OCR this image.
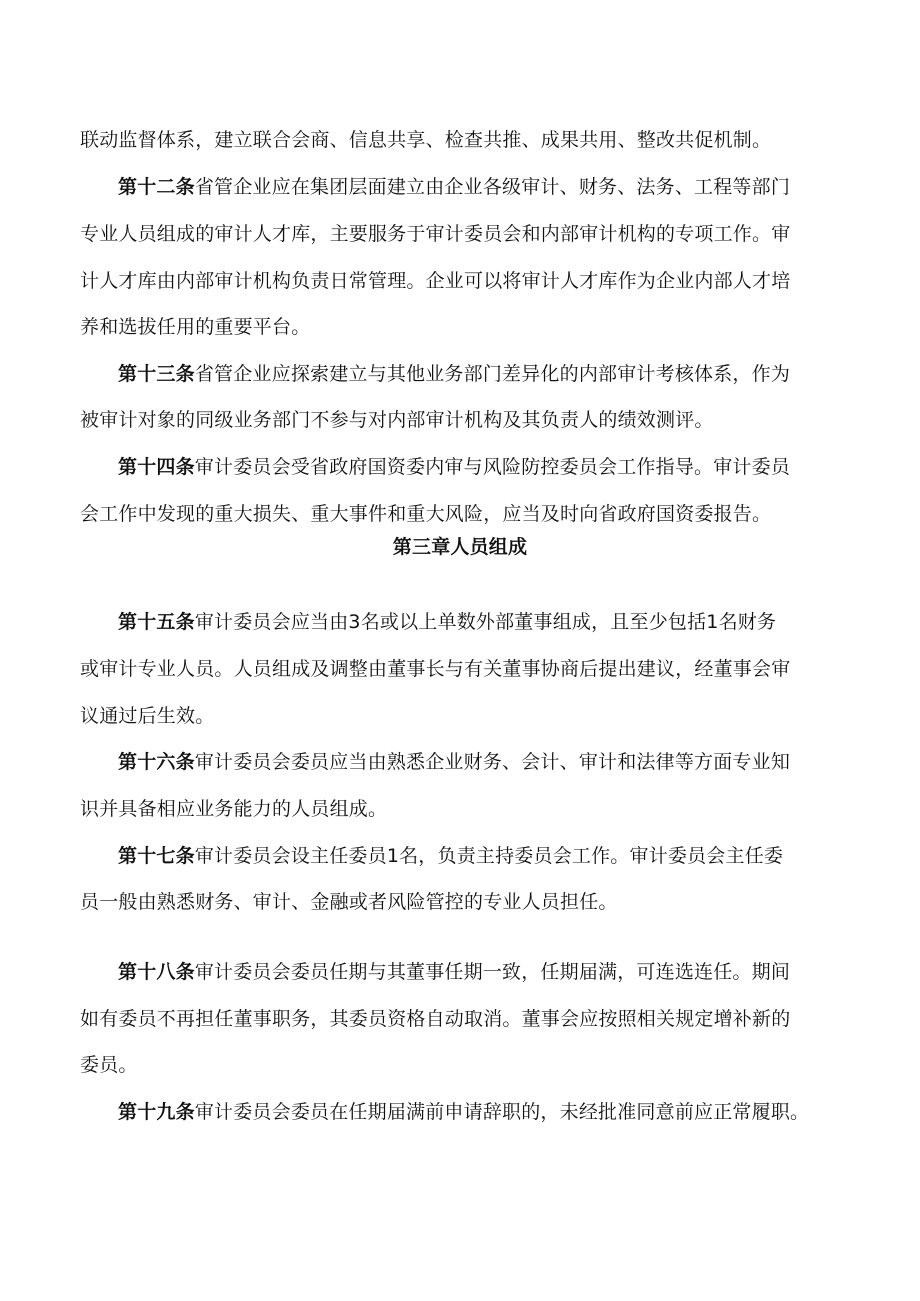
联动监督体系，建立联合会商、信息共享、检查共推、成果共用、整改共促机制。
第十二条省管企业应在集团层面建立由企业各级审计、财务、法务、工程等部门
专业人员组成的审计人才库，主要服务于审计委员会和内部审计机构的专项工作。审
计人才库由内部审计机构负责日常管理。企业可以将审计人才库作为企业内部人才培
养和选拔任用的重要平台。
第十三条省管企业应探索建立与其他业务部门差异化的内部审计考核体系，作为
被审计对象的同级业务部门不参与对内部审计机构及其负责人的绩效测评。
第十四条审计委员会受省政府国资委内审与风险防控委员会工作指导。审计委员
会工作中发现的重大损失、重大事件和重大风险，应当及时向省政府国资委报告。
第三章人员组成
第十五条审计委员会应当由3名或以上单数外部董事组成，且至少包括1名财务
或审计专业人员。人员组成及调整由董事长与有关董事协商后提出建议，经董事会审
议通过后生效。
第十六条审计委员会委员应当由熟悉企业财务、会计、审计和法律等方面专业知
识并具备相应业务能力的人员组成。
第十七条审计委员会设主任委员1名，负责主持委员会工作。审计委员会主任委
员一般由熟悉财务、审计、金融或者风险管控的专业人员担任。
第十八条审计委员会委员任期与其董事任期一致，任期届满，可连选连任。期间
如有委员不再担任董事职务，其委员资格自动取消。董事会应按照相关规定增补新的
委员。
第十九条审计委员会委员在任期届满前申请辞职的，未经批准同意前应正常履职。
